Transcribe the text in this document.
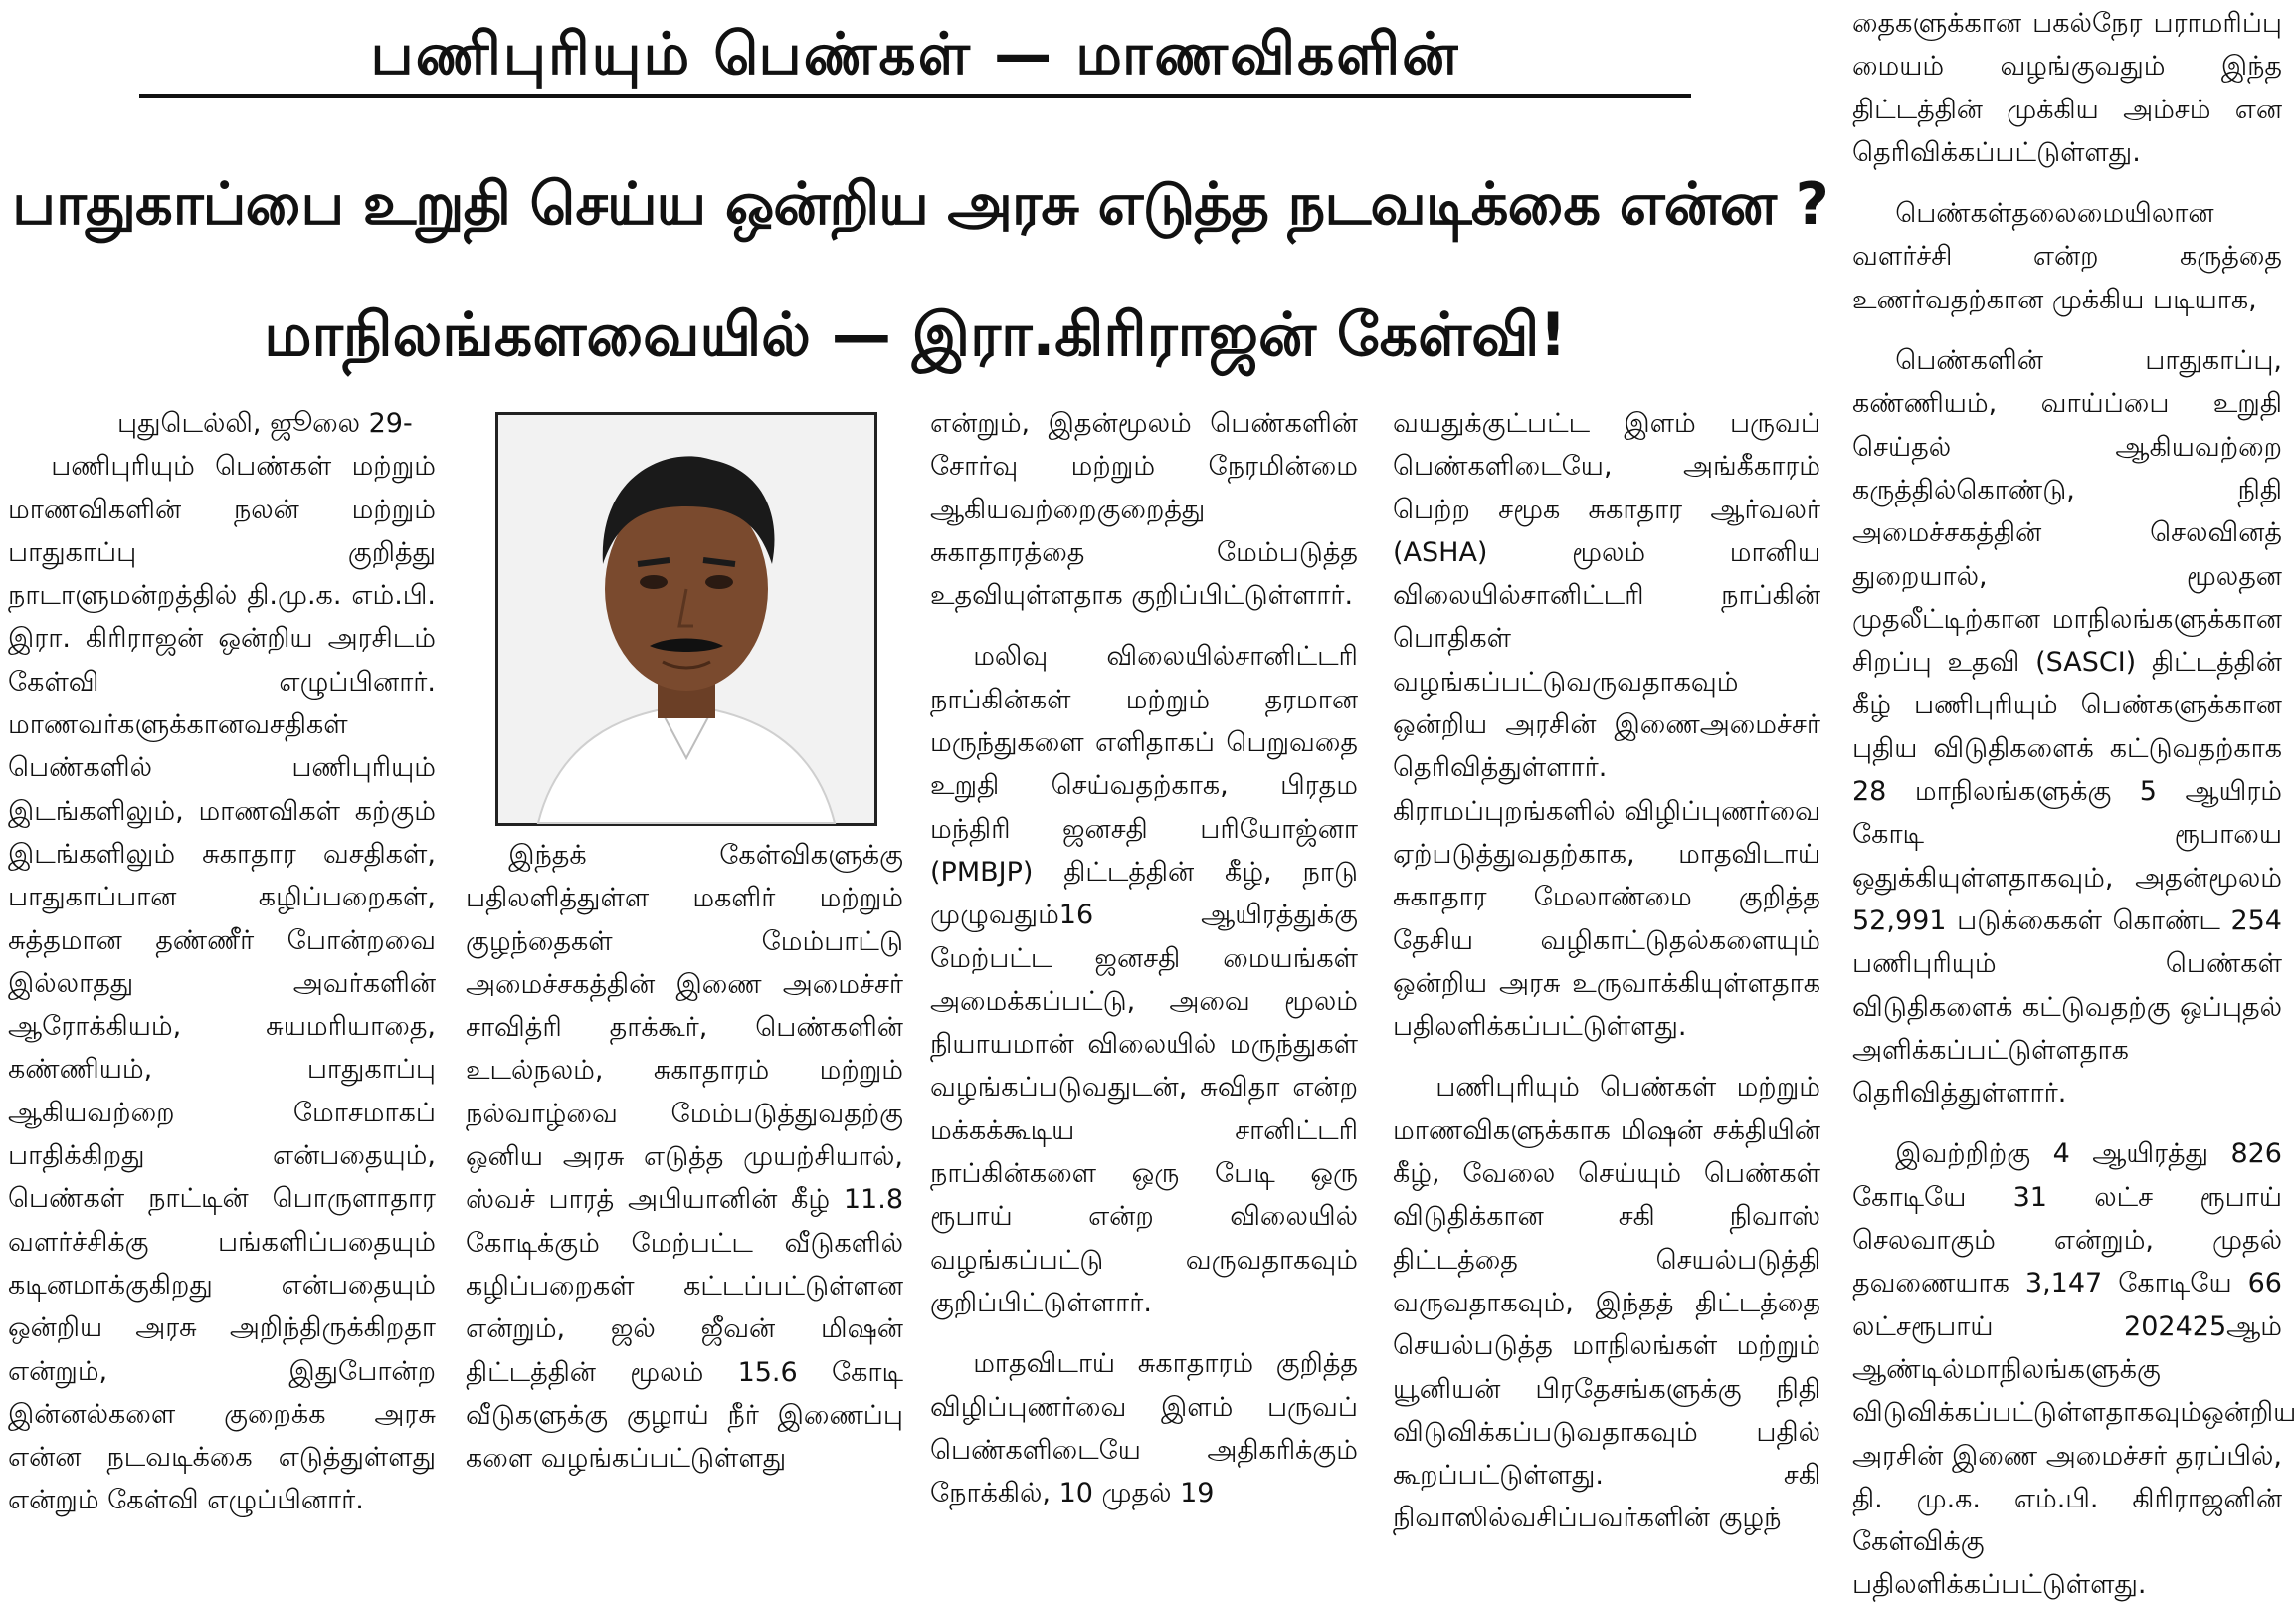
பணிபுரியும் பெண்கள் — மாணவிகளின்
பாதுகாப்பை உறுதி செய்ய ஒன்றிய அரசு எடுத்த நடவடிக்கை என்ன ?
மாநிலங்களவையில் — இரா.கிரிராஜன் கேள்வி!

புதுடெல்லி, ஜூலை 29-

பணிபுரியும் பெண்கள் மற்றும் மாணவிகளின் நலன் மற்றும் பாதுகாப்பு குறித்து நாடாளுமன்றத்தில் தி.மு.க. எம்.பி. இரா. கிரிராஜன் ஒன்றிய அரசிடம் கேள்வி எழுப்பினார். மாணவர்களுக்கானவசதிகள் பெண்களில் பணிபுரியும் இடங்களிலும், மாணவிகள் கற்கும் இடங்களிலும் சுகாதார வசதிகள், பாதுகாப்பான கழிப்பறைகள், சுத்தமான தண்ணீர் போன்றவை இல்லாதது அவர்களின் ஆரோக்கியம், சுயமரியாதை, கண்ணியம், பாதுகாப்பு ஆகியவற்றை மோசமாகப் பாதிக்கிறது என்பதையும், பெண்கள் நாட்டின் பொருளாதார வளர்ச்சிக்கு பங்களிப்பதையும் கடினமாக்குகிறது என்பதையும் ஒன்றிய அரசு அறிந்திருக்கிறதா என்றும், இதுபோன்ற இன்னல்களை குறைக்க அரசு என்ன நடவடிக்கை எடுத்துள்ளது என்றும் கேள்வி எழுப்பினார்.

இந்தக் கேள்விகளுக்கு பதிலளித்துள்ள மகளிர் மற்றும் குழந்தைகள் மேம்பாட்டு அமைச்சகத்தின் இணை அமைச்சர் சாவித்ரி தாக்கூர், பெண்களின் உடல்நலம், சுகாதாரம் மற்றும் நல்வாழ்வை மேம்படுத்துவதற்கு ஒனிய அரசு எடுத்த முயற்சியால், ஸ்வச் பாரத் அபியானின் கீழ் 11.8 கோடிக்கும் மேற்பட்ட வீடுகளில் கழிப்பறைகள் கட்டப்பட்டுள்ளன என்றும், ஜல் ஜீவன் மிஷன் திட்டத்தின் மூலம் 15.6 கோடி வீடுகளுக்கு குழாய் நீர் இணைப்பு களை வழங்கப்பட்டுள்ளது

என்றும், இதன்மூலம் பெண்களின் சோர்வு மற்றும் நேரமின்மை ஆகியவற்றைகுறைத்து சுகாதாரத்தை மேம்படுத்த உதவியுள்ளதாக குறிப்பிட்டுள்ளார்.

மலிவு விலையில்சானிட்டரி நாப்கின்கள் மற்றும் தரமான மருந்துகளை எளிதாகப் பெறுவதை உறுதி செய்வதற்காக, பிரதம மந்திரி ஜனசதி பரியோஜ்னா (PMBJP) திட்டத்தின் கீழ், நாடு முழுவதும்16 ஆயிரத்துக்கு மேற்பட்ட ஜனசதி மையங்கள் அமைக்கப்பட்டு, அவை மூலம் நியாயமான் விலையில் மருந்துகள் வழங்கப்படுவதுடன், சுவிதா என்ற மக்கக்கூடிய சானிட்டரி நாப்கின்களை ஒரு பேடி ஒரு ரூபாய் என்ற விலையில் வழங்கப்பட்டு வருவதாகவும் குறிப்பிட்டுள்ளார்.

மாதவிடாய் சுகாதாரம் குறித்த விழிப்புணர்வை இளம் பருவப் பெண்களிடையே அதிகரிக்கும் நோக்கில், 10 முதல் 19

வயதுக்குட்பட்ட இளம் பருவப் பெண்களிடையே, அங்கீகாரம் பெற்ற சமூக சுகாதார ஆர்வலர் (ASHA) மூலம் மானிய விலையில்சானிட்டரி நாப்கின் பொதிகள் வழங்கப்பட்டுவருவதாகவும் ஒன்றிய அரசின் இணைஅமைச்சர் தெரிவித்துள்ளார். கிராமப்புறங்களில் விழிப்புணர்வை ஏற்படுத்துவதற்காக, மாதவிடாய் சுகாதார மேலாண்மை குறித்த தேசிய வழிகாட்டுதல்களையும் ஒன்றிய அரசு உருவாக்கியுள்ளதாக பதிலளிக்கப்பட்டுள்ளது.

பணிபுரியும் பெண்கள் மற்றும் மாணவிகளுக்காக மிஷன் சக்தியின் கீழ், வேலை செய்யும் பெண்கள் விடுதிக்கான சகி நிவாஸ் திட்டத்தை செயல்படுத்தி வருவதாகவும், இந்தத் திட்டத்தை செயல்படுத்த மாநிலங்கள் மற்றும் யூனியன் பிரதேசங்களுக்கு நிதி விடுவிக்கப்படுவதாகவும் பதில் கூறப்பட்டுள்ளது. சகி நிவாஸில்வசிப்பவர்களின் குழந்

தைகளுக்கான பகல்நேர பராமரிப்பு மையம் வழங்குவதும் இந்த திட்டத்தின் முக்கிய அம்சம் என தெரிவிக்கப்பட்டுள்ளது.

பெண்கள்தலைமையிலான வளர்ச்சி என்ற கருத்தை உணர்வதற்கான முக்கிய படியாக,

பெண்களின் பாதுகாப்பு, கண்ணியம், வாய்ப்பை உறுதி செய்தல் ஆகியவற்றை கருத்தில்கொண்டு, நிதி அமைச்சகத்தின் செலவினத் துறையால், மூலதன முதலீட்டிற்கான மாநிலங்களுக்கான சிறப்பு உதவி (SASCI) திட்டத்தின் கீழ் பணிபுரியும் பெண்களுக்கான புதிய விடுதிகளைக் கட்டுவதற்காக 28 மாநிலங்களுக்கு 5 ஆயிரம் கோடி ரூபாயை ஒதுக்கியுள்ளதாகவும், அதன்மூலம் 52,991 படுக்கைகள் கொண்ட 254 பணிபுரியும் பெண்கள் விடுதிகளைக் கட்டுவதற்கு ஒப்புதல் அளிக்கப்பட்டுள்ளதாக தெரிவித்துள்ளார்.

இவற்றிற்கு 4 ஆயிரத்து 826 கோடியே 31 லட்ச ரூபாய் செலவாகும் என்றும், முதல் தவணையாக 3,147 கோடியே 66 லட்சரூபாய் 202425ஆம் ஆண்டில்மாநிலங்களுக்கு விடுவிக்கப்பட்டுள்ளதாகவும்ஒன்றிய அரசின் இணை அமைச்சர் தரப்பில், தி. மு.க. எம்.பி. கிரிராஜனின் கேள்விக்கு பதிலளிக்கப்பட்டுள்ளது.
